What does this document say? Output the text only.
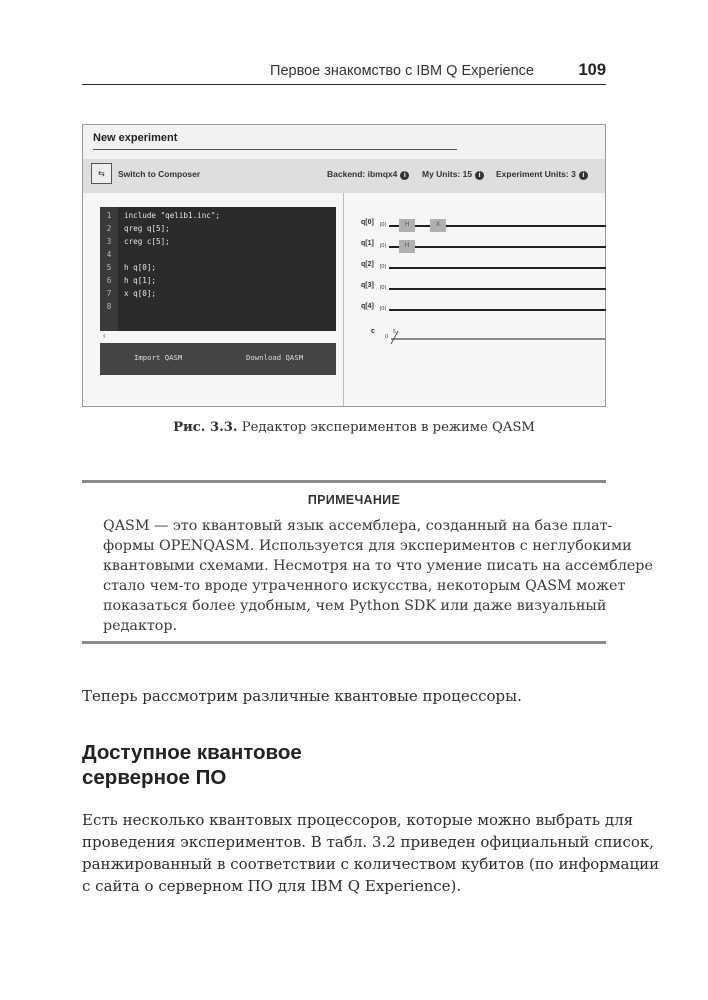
Первое знакомство с IBM Q Experience	109
New experiment
⇆	Switch to Composer	Backend: ibmqx4 i	My Units: 15 i	Experiment Units: 3 i
1 include "qelib1.inc";
2 qreg q[5];
3 creg c[5];
4
5 h q[0];
6 h q[1];
7 x q[0];
8
‹
Import QASM	Download QASM
q[0] |0⟩	H	X
q[1] |0⟩	H
q[2] |0⟩
q[3] |0⟩
q[4] |0⟩
c
0
5
Рис. 3.3. Редактор экспериментов в режиме QASM
ПРИМЕЧАНИЕ
QASM — это квантовый язык ассемблера, созданный на базе плат-
формы OPENQASM. Используется для экспериментов с неглубокими
квантовыми схемами. Несмотря на то что умение писать на ассемблере
стало чем-то вроде утраченного искусства, некоторым QASM может
показаться более удобным, чем Python SDK или даже визуальный
редактор.
Теперь рассмотрим различные квантовые процессоры.
Доступное квантовое
серверное ПО
Есть несколько квантовых процессоров, которые можно выбрать для
проведения экспериментов. В табл. 3.2 приведен официальный список,
ранжированный в соответствии с количеством кубитов (по информации
с сайта о серверном ПО для IBM Q Experience).
